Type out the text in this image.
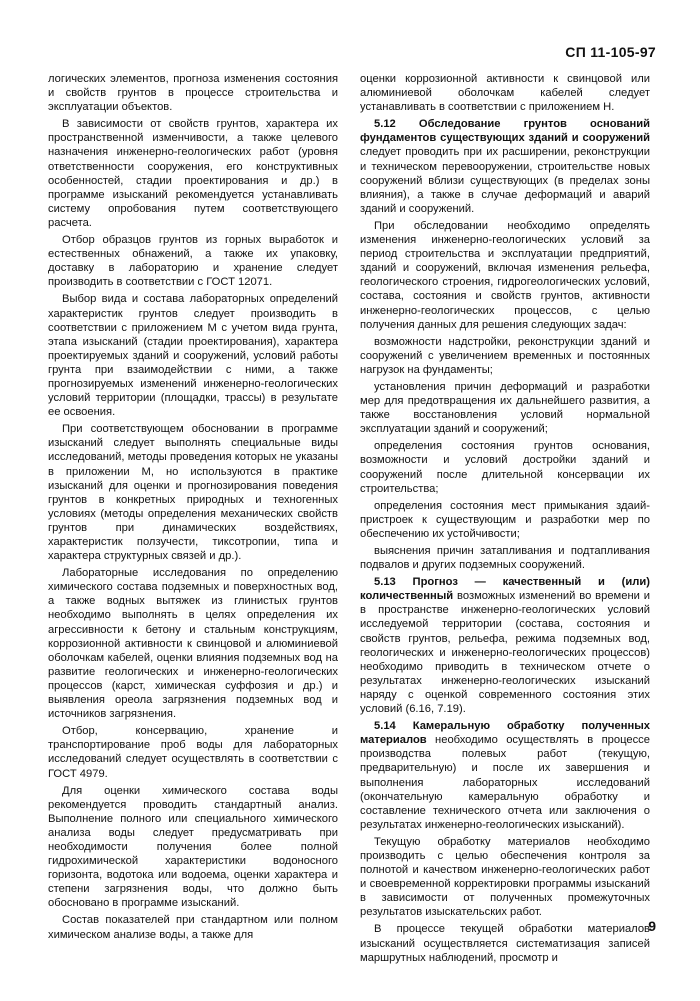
СП 11-105-97

логических элементов, прогноза изменения состояния и свойств грунтов в процессе строительства и эксплуатации объектов.

В зависимости от свойств грунтов, характера их пространственной изменчивости, а также целевого назначения инженерно-геологических работ (уровня ответственности сооружения, его конструктивных особенностей, стадии проектирования и др.) в программе изысканий рекомендуется устанавливать систему опробования путем соответствующего расчета.

Отбор образцов грунтов из горных выработок и естественных обнажений, а также их упаковку, доставку в лабораторию и хранение следует производить в соответствии с ГОСТ 12071.

Выбор вида и состава лабораторных определений характеристик грунтов следует производить в соответствии с приложением М с учетом вида грунта, этапа изысканий (стадии проектирования), характера проектируемых зданий и сооружений, условий работы грунта при взаимодействии с ними, а также прогнозируемых изменений инженерно-геологических условий территории (площадки, трассы) в результате ее освоения.

При соответствующем обосновании в программе изысканий следует выполнять специальные виды исследований, методы проведения которых не указаны в приложении М, но используются в практике изысканий для оценки и прогнозирования поведения грунтов в конкретных природных и техногенных условиях (методы определения механических свойств грунтов при динамических воздействиях, характеристик ползучести, тиксотропии, типа и характера структурных связей и др.).

Лабораторные исследования по определению химического состава подземных и поверхностных вод, а также водных вытяжек из глинистых грунтов необходимо выполнять в целях определения их агрессивности к бетону и стальным конструкциям, коррозионной активности к свинцовой и алюминиевой оболочкам кабелей, оценки влияния подземных вод на развитие геологических и инженерно-геологических процессов (карст, химическая суффозия и др.) и выявления ореола загрязнения подземных вод и источников загрязнения.

Отбор, консервацию, хранение и транспортирование проб воды для лабораторных исследований следует осуществлять в соответствии с ГОСТ 4979.

Для оценки химического состава воды рекомендуется проводить стандартный анализ. Выполнение полного или специального химического анализа воды следует предусматривать при необходимости получения более полной гидрохимической характеристики водоносного горизонта, водотока или водоема, оценки характера и степени загрязнения воды, что должно быть обосновано в программе изысканий.

Состав показателей при стандартном или полном химическом анализе воды, а также для

оценки коррозионной активности к свинцовой или алюминиевой оболочкам кабелей следует устанавливать в соответствии с приложением Н.

5.12 Обследование грунтов оснований фундаментов существующих зданий и сооружений следует проводить при их расширении, реконструкции и техническом перевооружении, строительстве новых сооружений вблизи существующих (в пределах зоны влияния), а также в случае деформаций и аварий зданий и сооружений.

При обследовании необходимо определять изменения инженерно-геологических условий за период строительства и эксплуатации предприятий, зданий и сооружений, включая изменения рельефа, геологического строения, гидрогеологических условий, состава, состояния и свойств грунтов, активности инженерно-геологических процессов, с целью получения данных для решения следующих задач:

возможности надстройки, реконструкции зданий и сооружений с увеличением временных и постоянных нагрузок на фундаменты;

установления причин деформаций и разработки мер для предотвращения их дальнейшего развития, а также восстановления условий нормальной эксплуатации зданий и сооружений;

определения состояния грунтов основания, возможности и условий достройки зданий и сооружений после длительной консервации их строительства;

определения состояния мест примыкания здаий-пристроек к существующим и разработки мер по обеспечению их устойчивости;

выяснения причин затапливания и подтапливания подвалов и других подземных сооружений.

5.13 Прогноз — качественный и (или) количественный возможных изменений во времени и в пространстве инженерно-геологических условий исследуемой территории (состава, состояния и свойств грунтов, рельефа, режима подземных вод, геологических и инженерно-геологических процессов) необходимо приводить в техническом отчете о результатах инженерно-геологических изысканий наряду с оценкой современного состояния этих условий (6.16, 7.19).

5.14 Камеральную обработку полученных материалов необходимо осуществлять в процессе производства полевых работ (текущую, предварительную) и после их завершения и выполнения лабораторных исследований (окончательную камеральную обработку и составление технического отчета или заключения о результатах инженерно-геологических изысканий).

Текущую обработку материалов необходимо производить с целью обеспечения контроля за полнотой и качеством инженерно-геологических работ и своевременной корректировки программы изысканий в зависимости от полученных промежуточных результатов изыскательских работ.

В процессе текущей обработки материалов изысканий осуществляется систематизация записей маршрутных наблюдений, просмотр и

9
